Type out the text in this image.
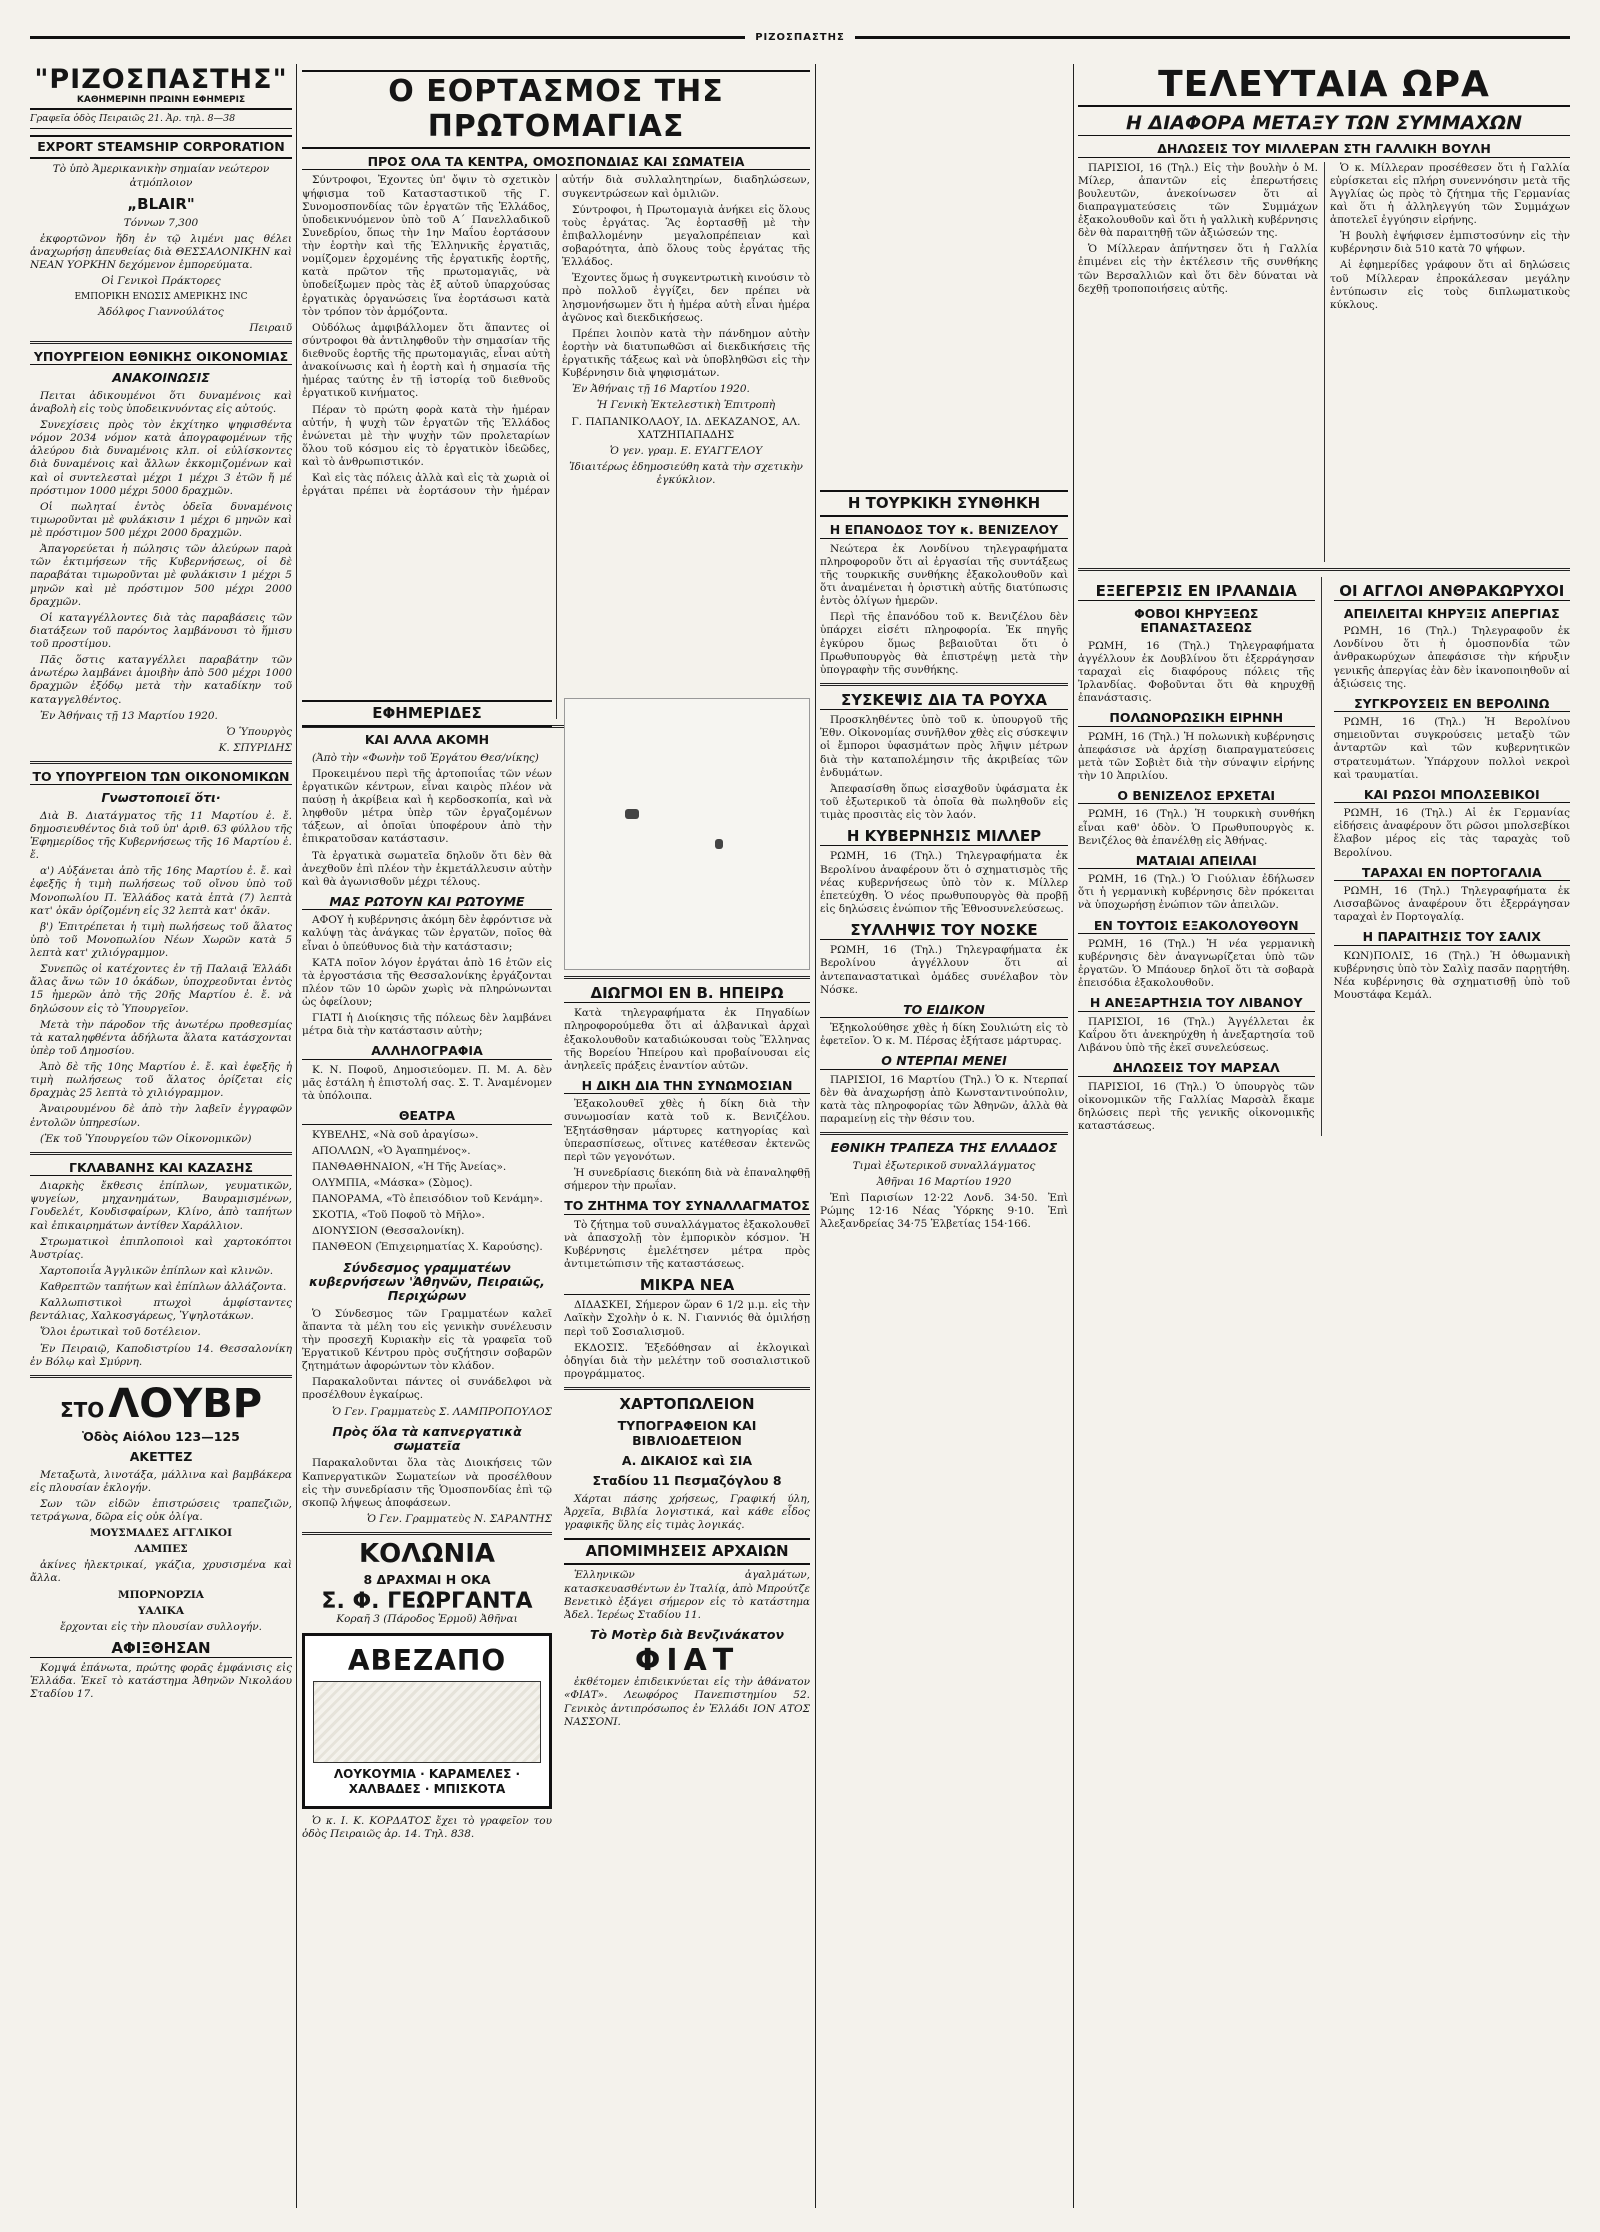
ΡΙΖΟΣΠΑΣΤΗΣ
"ΡΙΖΟΣΠΑΣΤΗΣ"
ΚΑΘΗΜΕΡΙΝΗ ΠΡΩΙΝΗ ΕΦΗΜΕΡΙΣ
Γραφεῖα ὁδὸς Πειραιῶς 21. Ἀρ. τηλ. 8—38
EXPORT STEAMSHIP CORPORATION

Τὸ ὑπὸ Ἀμερικανικὴν σημαίαν νεώτερον ἀτμόπλοιον

„BLAIR"

Τόννων 7,300

ἐκφορτῶνον ἤδη ἐν τῷ λιμένι μας θέλει ἀναχωρήσῃ ἀπευθείας διὰ ΘΕΣΣΑΛΟΝΙΚΗΝ καὶ ΝΕΑΝ ΥΟΡΚΗΝ δεχόμενον ἐμπορεύματα.

Οἱ Γενικοὶ Πράκτορες

ΕΜΠΟΡΙΚΗ ΕΝΩΣΙΣ ΑΜΕΡΙΚΗΣ ΙΝC

Ἀδόλφος Γιαννούλάτος

Πειραιῦ

ΥΠΟΥΡΓΕΙΟΝ ΕΘΝΙΚΗΣ ΟΙΚΟΝΟΜΙΑΣ
ΑΝΑΚΟΙΝΩΣΙΣ

Πειται ἀδικουμένοι ὅτι δυναμένοις καὶ ἀναβολὴ εἰς τοὺς ὑποδεικνυόντας εἰς αὐτούς.

Συνεχίσεις πρὸς τὸν ἐκχίτηκο ψηφισθέντα νόμον 2034 νόμον κατὰ ἀπογραφομένων τῆς ἀλεύρου διὰ δυναμένοις κλπ. οἱ εὐλίσκοντες διὰ δυναμένοις καὶ ἄλλων ἐκκομιζομένων καὶ καὶ οἱ συντελεσταὶ μέχρι 1 μέχρι 3 ἐτῶν ἤ μέ πρόστιμον 1000 μέχρι 5000 δραχμῶν.

Οἱ πωληταί ἐντὸς ὁδεῖα δυναμένοις τιμωροῦνται μὲ φυλάκισιν 1 μέχρι 6 μηνῶν καὶ μὲ πρόστιμον 500 μέχρι 2000 δραχμῶν.

Ἀπαγορεύεται ἡ πώλησις τῶν ἀλεύρων παρὰ τῶν ἐκτιμήσεων τῆς Κυβερνήσεως, οἱ δὲ παραβάται τιμωροῦνται μὲ φυλάκισιν 1 μέχρι 5 μηνῶν καὶ μὲ πρόστιμον 500 μέχρι 2000 δραχμῶν.

Οἱ καταγγέλλοντες διὰ τὰς παραβάσεις τῶν διατάξεων τοῦ παρόντος λαμβάνουσι τὸ ἥμισυ τοῦ προστίμου.

Πᾶς ὅστις καταγγέλλει παραβάτην τῶν ἀνωτέρω λαμβάνει ἀμοιβὴν ἀπὸ 500 μέχρι 1000 δραχμῶν ἐξόδῳ μετὰ τὴν καταδίκην τοῦ καταγγελθέντος.

Ἐν Ἀθήναις τῇ 13 Μαρτίου 1920.

Ὁ Ὑπουργὸς

Κ. ΣΠΥΡΙΔΗΣ

ΤΟ ΥΠΟΥΡΓΕΙΟΝ ΤΩΝ ΟΙΚΟΝΟΜΙΚΩΝ
Γνωστοποιεῖ ὅτι·

Διὰ Β. Διατάγματος τῆς 11 Μαρτίου ἐ. ἔ. δημοσιευθέντος διὰ τοῦ ὑπ' ἀριθ. 63 φύλλου τῆς Ἐφημερίδος τῆς Κυβερνήσεως τῆς 16 Μαρτίου ἐ. ἔ.

α') Αὐξάνεται ἀπὸ τῆς 16ης Μαρτίου ἐ. ἔ. καὶ ἐφεξῆς ἡ τιμὴ πωλήσεως τοῦ οἴνου ὑπὸ τοῦ Μονοπωλίου Π. Ἐλλάδος κατὰ ἑπτὰ (7) λεπτὰ κατ' ὀκᾶν ὁρίζομένη εἰς 32 λεπτὰ κατ' ὀκᾶν.

β') Ἐπιτρέπεται ἡ τιμὴ πωλήσεως τοῦ ἅλατος ὑπὸ τοῦ Μονοπωλίου Νέων Χωρῶν κατὰ 5 λεπτὰ κατ' χιλιόγραμμον.

Συνεπῶς οἱ κατέχοντες ἐν τῇ Παλαιᾷ Ἑλλάδι ἄλας ἄνω τῶν 10 ὀκάδων, ὑποχρεοῦνται ἐντὸς 15 ἡμερῶν ἀπὸ τῆς 20ῆς Μαρτίου ἐ. ἔ. νὰ δηλώσουν εἰς τὸ Ὑπουργεῖον.

Μετὰ τὴν πάροδον τῆς ἀνωτέρω προθεσμίας τὰ καταληφθέντα ἀδήλωτα ἅλατα κατάσχονται ὑπὲρ τοῦ Δημοσίου.

Ἀπὸ δὲ τῆς 10ης Μαρτίου ἐ. ἔ. καὶ ἐφεξῆς ἡ τιμὴ πωλήσεως τοῦ ἅλατος ὁρίζεται εἰς δραχμὰς 25 λεπτὰ τὸ χιλιόγραμμον.

Ἀναιρουμένου δὲ ἀπὸ τὴν λαβεῖν ἐγγραφῶν ἐντολῶν ὑπηρεσίων.

(Ἐκ τοῦ Ὑπουργείου τῶν Οἰκονομικῶν)

ΓΚΛΑΒΑΝΗΣ ΚΑΙ ΚΑΖΑΣΗΣ

Διαρκὴς ἔκθεσις ἐπίπλων, γευματικῶν, ψυγείων, μηχανημάτων, Βαυραμισμένων, Γουδελέτ, Κουδισφαίρων, Κλίνο, ἀπὸ ταπήτων καὶ ἐπικαιρημάτων ἀντίθεν Χαράλλιον.

Στρωματικοὶ ἐπιπλοποιοὶ καὶ χαρτοκόπτοι Ἀυστρίας.

Χαρτοποιΐα Ἀγγλικῶν ἐπίπλων καὶ κλινῶν.

Καθρεπτῶν ταπήτων καὶ ἐπίπλων ἀλλάζοντα.

Καλλωπιστικοὶ πτωχοὶ ἀμφίσταντες βεντάλιας, Χαλκοσγάρεως, Ὑψηλοτάκων.

Ὅλοι ἐρωτικαὶ τοῦ δοτέλειον.

Ἐν Πειραιῷ, Καποδιστρίου 14. Θεσσαλονίκη ἐν Βόλῳ καὶ Σμύρνη.

ΣΤΟ ΛΟΥΒΡ
Ὁδὸς Αἰόλου 123—125
ΑΚΕΤΤΕΖ

Μεταξωτὰ, λινοτάξα, μάλλινα καὶ βαμβάκερα εἰς πλουσίαν ἐκλογήν.

Σων τῶν εἰδῶν ἐπιστρώσεις τραπεζιῶν, τετράγωνα, δῶρα εἰς οὐκ ὀλίγα.

ΜΟΥΣΜΑΔΕΣ ΑΓΓΛΙΚΟΙ

ΛΑΜΠΕΣ

ἀκίνες ἠλεκτρικαί, γκάζια, χρυσισμένα καὶ ἄλλα.

ΜΠΟΡΝΟΡΖΙΑ

ΥΑΛΙΚΑ

ἔρχονται εἰς τὴν πλουσίαν συλλογήν.

ΑΦΙΞΘΗΣΑΝ

Κομψά ἐπάνωτα, πρώτης φορᾶς ἐμφάνισις εἰς Ἑλλάδα. Ἐκεῖ τὸ κατάστημα Ἀθηνῶν Νικολάου Σταδίου 17.

Ο ΕΟΡΤΑΣΜΟΣ ΤΗΣ ΠΡΩΤΟΜΑΓΙΑΣ
ΠΡΟΣ ΟΛΑ ΤΑ ΚΕΝΤΡΑ, ΟΜΟΣΠΟΝΔΙΑΣ ΚΑΙ ΣΩΜΑΤΕΙΑ

Σύντροφοι, Ἐχοντες ὑπ' ὄψιν τὸ σχετικὸν ψήφισμα τοῦ Κατασταστικοῦ τῆς Γ. Συνομοσπονδίας τῶν ἐργατῶν τῆς Ἑλλάδος, ὑποδεικνυόμενον ὑπὸ τοῦ Α΄ Πανελλαδικοῦ Συνεδρίου, ὅπως τὴν 1ην Μαΐου ἑορτάσουν τὴν ἑορτὴν καὶ τῆς Ἑλληνικῆς ἐργατιᾶς, νομίζομεν ἐρχομένης τῆς ἐργατικῆς ἑορτῆς, κατὰ πρῶτον τῆς πρωτομαγιᾶς, νὰ ὑποδείξωμεν πρὸς τὰς ἐξ αὐτοῦ ὑπαρχούσας ἐργατικὰς ὀργανώσεις ἵνα ἑορτάσωσι κατὰ τὸν τρόπον τὸν ἁρμόζοντα.

Οὐδόλως ἀμφιβάλλομεν ὅτι ἅπαντες οἱ σύντροφοι θὰ ἀντιληφθοῦν τὴν σημασίαν τῆς διεθνοῦς ἑορτῆς τῆς πρωτομαγιᾶς, εἶναι αὐτὴ ἀνακοίνωσις καὶ ἡ ἑορτὴ καὶ ἡ σημασία τῆς ἡμέρας ταύτης ἐν τῇ ἱστορίᾳ τοῦ διεθνοῦς ἐργατικοῦ κινήματος.

Πέραν τὸ πρώτη φορὰ κατὰ τὴν ἡμέραν αὐτήν, ἡ ψυχὴ τῶν ἐργατῶν τῆς Ἑλλάδος ἐνώνεται μὲ τὴν ψυχὴν τῶν προλεταρίων ὅλου τοῦ κόσμου εἰς τὸ ἐργατικὸν ἰδεῶδες, καὶ τὸ ἀνθρωπιστικόν.

Καὶ εἰς τὰς πόλεις ἀλλὰ καὶ εἰς τὰ χωριὰ οἱ ἐργάται πρέπει νὰ ἑορτάσουν τὴν ἡμέραν αὐτήν διὰ συλλαλητηρίων, διαδηλώσεων, συγκεντρώσεων καὶ ὁμιλιῶν.

Σύντροφοι, ἡ Πρωτομαγιὰ ἀνήκει εἰς ὅλους τοὺς ἐργάτας. Ἂς ἑορτασθῇ μὲ τὴν ἐπιβαλλομένην μεγαλοπρέπειαν καὶ σοβαρότητα, ἀπὸ ὅλους τοὺς ἐργάτας τῆς Ἑλλάδος.

Ἐχοντες ὅμως ἡ συγκεντρωτικὴ κινούσιν τὸ πρὸ πολλοῦ ἐγγίζει, δεν πρέπει νὰ λησμονήσωμεν ὅτι ἡ ἡμέρα αὐτὴ εἶναι ἡμέρα ἀγῶνος καὶ διεκδικήσεως.

Πρέπει λοιπὸν κατὰ τὴν πάνδημον αὐτὴν ἑορτὴν νὰ διατυπωθῶσι αἱ διεκδικήσεις τῆς ἐργατικῆς τάξεως καὶ νὰ ὑποβληθῶσι εἰς τὴν Κυβέρνησιν διὰ ψηφισμάτων.

Ἐν Ἀθήναις τῇ 16 Μαρτίου 1920.

Ἡ Γενικὴ Ἐκτελεστικὴ Ἐπιτροπὴ

Γ. ΠΑΠΑΝΙΚΟΛΑΟΥ, ΙΔ. ΔΕΚΑΖΑΝΟΣ, ΑΛ. ΧΑΤΖΗΠΑΠΑΔΗΣ

Ὁ γεν. γραμ. Ε. ΕΥΑΓΓΕΛΟΥ

Ἰδιαιτέρως ἐδημοσιεύθη κατὰ τὴν σχετικὴν ἐγκύκλιον.

ΕΦΗΜΕΡΙΔΕΣ
ΚΑΙ ΑΛΛΑ ΑΚΟΜΗ

(Ἀπὸ τὴν «Φωνὴν τοῦ Ἐργάτου Θεσ/νίκης)

Προκειμένου περὶ τῆς ἀρτοποιΐας τῶν νέων ἐργατικῶν κέντρων, εἶναι καιρὸς πλέον νὰ παύσῃ ἡ ἀκρίβεια καὶ ἡ κερδοσκοπία, καὶ νὰ ληφθοῦν μέτρα ὑπὲρ τῶν ἐργαζομένων τάξεων, αἱ ὁποῖαι ὑποφέρουν ἀπὸ τὴν ἐπικρατοῦσαν κατάστασιν.

Τὰ ἐργατικὰ σωματεῖα δηλοῦν ὅτι δὲν θὰ ἀνεχθοῦν ἐπὶ πλέον τὴν ἐκμετάλλευσιν αὐτὴν καὶ θὰ ἀγωνισθοῦν μέχρι τέλους.

ΜΑΣ ΡΩΤΟΥΝ ΚΑΙ ΡΩΤΟΥΜΕ

ΑΦΟΥ ἡ κυβέρνησις ἀκόμη δὲν ἐφρόντισε νὰ καλύψῃ τὰς ἀνάγκας τῶν ἐργατῶν, ποῖος θὰ εἶναι ὁ ὑπεύθυνος διὰ τὴν κατάστασιν;

ΚΑΤΑ ποῖον λόγον ἐργάται ἀπὸ 16 ἐτῶν εἰς τὰ ἐργοστάσια τῆς Θεσσαλονίκης ἐργάζονται πλέον τῶν 10 ὡρῶν χωρὶς νὰ πληρώνωνται ὡς ὀφείλουν;

ΓΙΑΤΙ ἡ Διοίκησις τῆς πόλεως δὲν λαμβάνει μέτρα διὰ τὴν κατάστασιν αὐτὴν;

ΑΛΛΗΛΟΓΡΑΦΙΑ

Κ. Ν. Ποφοῦ, Δημοσιεύομεν. Π. Μ. Α. δὲν μᾶς ἐστάλη ἡ ἐπιστολή σας. Σ. Τ. Ἀναμένομεν τὰ ὑπόλοιπα.

ΘΕΑΤΡΑ

ΚΥΒΕΛΗΣ, «Νὰ σοῦ ἀραγίσω».

ΑΠΟΛΛΩΝ, «Ὁ Ἀγαπημένος».

ΠΑΝΘΑΘΗΝΑΙΟΝ, «Ἡ Τῆς Ἀνείας».

ΟΛΥΜΠΙΑ, «Μάσκα» (Σὸμος).

ΠΑΝΟΡΑΜΑ, «Τὸ ἐπεισόδιον τοῦ Κενάμη».

ΣΚΟΤΙΑ, «Τοῦ Ποφοῦ τὸ Μῆλο».

ΔΙΟΝΥΣΙΟΝ (Θεσσαλονίκη).

ΠΑΝΘΕΟΝ (Ἐπιχειρηματίας Χ. Καρούσης).

Σύνδεσμος γραμματέων κυβερνήσεων 'Ἀθηνῶν, Πειραιῶς, Περιχώρων

Ὁ Σύνδεσμος τῶν Γραμματέων καλεῖ ἅπαντα τὰ μέλη του εἰς γενικὴν συνέλευσιν τὴν προσεχῆ Κυριακὴν εἰς τὰ γραφεῖα τοῦ Ἐργατικοῦ Κέντρου πρὸς συζήτησιν σοβαρῶν ζητημάτων ἀφορώντων τὸν κλάδον.

Παρακαλοῦνται πάντες οἱ συνάδελφοι νὰ προσέλθουν ἐγκαίρως.

Ὁ Γεν. Γραμματεὺς Σ. ΛΑΜΠΡΟΠΟΥΛΟΣ

Πρὸς ὅλα τὰ καπνεργατικὰ σωματεῖα

Παρακαλοῦνται ὅλα τὰς Διοικήσεις τῶν Καπνεργατικῶν Σωματείων νὰ προσέλθουν εἰς τὴν συνεδρίασιν τῆς Ὁμοσπονδίας ἐπὶ τῷ σκοπῷ λήψεως ἀποφάσεων.

Ὁ Γεν. Γραμματεὺς Ν. ΣΑΡΑΝΤΗΣ

ΚΟΛΩΝΙΑ
8 ΔΡΑΧΜΑΙ Η ΟΚΑ
Σ. Φ. ΓΕΩΡΓΑΝΤΑ

Κοραῆ 3 (Πάροδος Ἑρμοῦ) Ἀθῆναι

ΑΒΕΖΑΠΟ
ΛΟΥΚΟΥΜΙΑ · ΚΑΡΑΜΕΛΕΣ · ΧΑΛΒΑΔΕΣ · ΜΠΙΣΚΟΤΑ

Ὁ κ. Ι. Κ. ΚΟΡΔΑΤΟΣ ἔχει τὸ γραφεῖον του ὁδὸς Πειραιῶς ἀρ. 14. Τηλ. 838.

ΔΙΩΓΜΟΙ ΕΝ Β. ΗΠΕΙΡΩ

Κατὰ τηλεγραφήματα ἐκ Πηγαδίων πληροφορούμεθα ὅτι αἱ ἀλβανικαὶ ἀρχαὶ ἐξακολουθοῦν καταδιώκουσαι τοὺς Ἕλληνας τῆς Βορείου Ἠπείρου καὶ προβαίνουσαι εἰς ἀνηλεεῖς πράξεις ἐναντίον αὐτῶν.

Η ΔΙΚΗ ΔΙΑ ΤΗΝ ΣΥΝΩΜΟΣΙΑΝ

Ἐξακολουθεῖ χθὲς ἡ δίκη διὰ τὴν συνωμοσίαν κατὰ τοῦ κ. Βενιζέλου. Ἐξητάσθησαν μάρτυρες κατηγορίας καὶ ὑπερασπίσεως, οἵτινες κατέθεσαν ἐκτενῶς περὶ τῶν γεγονότων.

Ἡ συνεδρίασις διεκόπη διὰ νὰ ἐπαναληφθῇ σήμερον τὴν πρωΐαν.

ΤΟ ΖΗΤΗΜΑ ΤΟΥ ΣΥΝΑΛΛΑΓΜΑΤΟΣ

Τὸ ζήτημα τοῦ συναλλάγματος ἐξακολουθεῖ νὰ ἀπασχολῇ τὸν ἐμπορικὸν κόσμον. Ἡ Κυβέρνησις ἐμελέτησεν μέτρα πρὸς ἀντιμετώπισιν τῆς καταστάσεως.

ΜΙΚΡΑ ΝΕΑ

ΔΙΔΑΣΚΕΙ, Σήμερον ὥραν 6 1/2 μ.μ. εἰς τὴν Λαϊκὴν Σχολὴν ὁ κ. Ν. Γιαννιός θὰ ὁμιλήσῃ περὶ τοῦ Σοσιαλισμοῦ.

ΕΚΔΟΣΙΣ. Ἐξεδόθησαν αἱ ἐκλογικαὶ ὁδηγίαι διὰ τὴν μελέτην τοῦ σοσιαλιστικοῦ προγράμματος.

ΧΑΡΤΟΠΩΛΕΙΟΝ
ΤΥΠΟΓΡΑΦΕΙΟΝ ΚΑΙ ΒΙΒΛΙΟΔΕΤΕΙΟΝ
Α. ΔΙΚΑΙΟΣ καὶ ΣΙΑ
Σταδίου 11 Πεσμαζόγλου 8

Χάρται πάσης χρήσεως, Γραφική ύλη, Ἀρχεῖα, Βιβλία λογιστικά, καὶ κάθε εἶδος γραφικῆς ὕλης εἰς τιμὰς λογικάς.

ΑΠΟΜΙΜΗΣΕΙΣ ΑΡΧΑΙΩΝ

Ἑλληνικῶν ἀγαλμάτων, κατασκευασθέντων ἐν Ἰταλίᾳ, ἀπὸ Μπρούτζε Βενετικὸ ἐξάγει σήμερον εἰς τὸ κατάστημα Ἀδελ. Ἱερέως Σταδίου 11.

Τὸ Μοτὲρ διὰ Βενζινάκατον
ΦΙΑΤ

ἐκθέτομεν ἐπιδεικνύεται εἰς τὴν ἀθάνατον «ΦΙΑΤ». Λεωφόρος Πανεπιστημίου 52. Γενικὸς ἀντιπρόσωπος ἐν Ἑλλάδι ΙΟΝ ΑΤΟΣ ΝΑΣΣΟΝΙ.

Η ΤΟΥΡΚΙΚΗ ΣΥΝΘΗΚΗ
Η ΕΠΑΝΟΔΟΣ ΤΟΥ κ. ΒΕΝΙΖΕΛΟΥ

Νεώτερα ἐκ Λονδίνου τηλεγραφήματα πληροφοροῦν ὅτι αἱ ἐργασίαι τῆς συντάξεως τῆς τουρκικῆς συνθήκης ἐξακολουθοῦν καὶ ὅτι ἀναμένεται ἡ ὁριστικὴ αὐτῆς διατύπωσις ἐντὸς ὀλίγων ἡμερῶν.

Περὶ τῆς ἐπανόδου τοῦ κ. Βενιζέλου δὲν ὑπάρχει εἰσέτι πληροφορία. Ἐκ πηγῆς ἐγκύρου ὅμως βεβαιοῦται ὅτι ὁ Πρωθυπουργὸς θὰ ἐπιστρέψῃ μετὰ τὴν ὑπογραφὴν τῆς συνθήκης.

ΣΥΣΚΕΨΙΣ ΔΙΑ ΤΑ ΡΟΥΧΑ

Προσκληθέντες ὑπὸ τοῦ κ. ὑπουργοῦ τῆς Ἐθν. Οἰκονομίας συνῆλθον χθὲς εἰς σύσκεψιν οἱ ἔμποροι ὑφασμάτων πρὸς λῆψιν μέτρων διὰ τὴν καταπολέμησιν τῆς ἀκριβείας τῶν ἐνδυμάτων.

Ἀπεφασίσθη ὅπως εἰσαχθοῦν ὑφάσματα ἐκ τοῦ ἐξωτερικοῦ τὰ ὁποῖα θὰ πωληθοῦν εἰς τιμὰς προσιτὰς εἰς τὸν λαόν.

Η ΚΥΒΕΡΝΗΣΙΣ ΜΙΛΛΕΡ

ΡΩΜΗ, 16 (Τηλ.) Τηλεγραφήματα ἐκ Βερολίνου ἀναφέρουν ὅτι ὁ σχηματισμὸς τῆς νέας κυβερνήσεως ὑπὸ τὸν κ. Μίλλερ ἐπετεύχθη. Ὁ νέος πρωθυπουργὸς θὰ προβῇ εἰς δηλώσεις ἐνώπιον τῆς Ἐθνοσυνελεύσεως.

ΣΥΛΛΗΨΙΣ ΤΟΥ ΝΟΣΚΕ

ΡΩΜΗ, 16 (Τηλ.) Τηλεγραφήματα ἐκ Βερολίνου ἀγγέλλουν ὅτι αἱ ἀντεπαναστατικαὶ ὁμάδες συνέλαβον τὸν Νόσκε.

ΤΟ ΕΙΔΙΚΟΝ

Ἐξηκολούθησε χθὲς ἡ δίκη Σουλιώτη εἰς τὸ ἐφετεῖον. Ὁ κ. Μ. Πέρσας ἐξήτασε μάρτυρας.

Ο ΝΤΕΡΠΑΙ ΜΕΝΕΙ

ΠΑΡΙΣΙΟΙ, 16 Μαρτίου (Τηλ.) Ὁ κ. Ντερπαί δὲν θὰ ἀναχωρήσῃ ἀπὸ Κωνσταντινούπολιν, κατὰ τὰς πληροφορίας τῶν Ἀθηνῶν, ἀλλὰ θὰ παραμείνῃ εἰς τὴν θέσιν του.

ΕΘΝΙΚΗ ΤΡΑΠΕΖΑ ΤΗΣ ΕΛΛΑΔΟΣ

Τιμαὶ ἐξωτερικοῦ συναλλάγματος

Ἀθῆναι 16 Μαρτίου 1920

Ἐπὶ Παρισίων 12·22 Λονδ. 34·50. Ἐπὶ Ρώμης 12·16 Νέας Ὑόρκης 9·10. Ἐπὶ Ἀλεξανδρείας 34·75 Ἐλβετίας 154·166.

ΤΕΛΕΥΤΑΙΑ ΩΡΑ
Η ΔΙΑΦΟΡΑ ΜΕΤΑΞΥ ΤΩΝ ΣΥΜΜΑΧΩΝ
ΔΗΛΩΣΕΙΣ ΤΟΥ ΜΙΛΛΕΡΑΝ ΣΤΗ ΓΑΛΛΙΚΗ ΒΟΥΛΗ

ΠΑΡΙΣΙΟΙ, 16 (Τηλ.) Εἰς τὴν βουλὴν ὁ Μ. Μίλερ, ἀπαντῶν εἰς ἐπερωτήσεις βουλευτῶν, ἀνεκοίνωσεν ὅτι αἱ διαπραγματεύσεις τῶν Συμμάχων ἐξακολουθοῦν καὶ ὅτι ἡ γαλλικὴ κυβέρνησις δὲν θὰ παραιτηθῇ τῶν ἀξιώσεών της.

Ὁ Μίλλεραν ἀπήντησεν ὅτι ἡ Γαλλία ἐπιμένει εἰς τὴν ἐκτέλεσιν τῆς συνθήκης τῶν Βερσαλλιῶν καὶ ὅτι δὲν δύναται νὰ δεχθῇ τροποποιήσεις αὐτῆς.

Ὁ κ. Μίλλεραν προσέθεσεν ὅτι ἡ Γαλλία εὑρίσκεται εἰς πλήρη συνεννόησιν μετὰ τῆς Ἀγγλίας ὡς πρὸς τὸ ζήτημα τῆς Γερμανίας καὶ ὅτι ἡ ἀλληλεγγύη τῶν Συμμάχων ἀποτελεῖ ἐγγύησιν εἰρήνης.

Ἡ βουλὴ ἐψήφισεν ἐμπιστοσύνην εἰς τὴν κυβέρνησιν διὰ 510 κατὰ 70 ψήφων.

Αἱ ἐφημερίδες γράφουν ὅτι αἱ δηλώσεις τοῦ Μίλλεραν ἐπροκάλεσαν μεγάλην ἐντύπωσιν εἰς τοὺς διπλωματικοὺς κύκλους.

ΕΞΕΓΕΡΣΙΣ ΕΝ ΙΡΛΑΝΔΙΑ
ΦΟΒΟΙ ΚΗΡΥΞΕΩΣ ΕΠΑΝΑΣΤΑΣΕΩΣ

ΡΩΜΗ, 16 (Τηλ.) Τηλεγραφήματα ἀγγέλλουν ἐκ Δουβλίνου ὅτι ἐξερράγησαν ταραχαὶ εἰς διαφόρους πόλεις τῆς Ἰρλανδίας. Φοβοῦνται ὅτι θὰ κηρυχθῇ ἐπανάστασις.

ΠΟΛΩΝΟΡΩΣΙΚΗ ΕΙΡΗΝΗ

ΡΩΜΗ, 16 (Τηλ.) Ἡ πολωνικὴ κυβέρνησις ἀπεφάσισε νὰ ἀρχίσῃ διαπραγματεύσεις μετὰ τῶν Σοβιὲτ διὰ τὴν σύναψιν εἰρήνης τὴν 10 Ἀπριλίου.

Ο ΒΕΝΙΖΕΛΟΣ ΕΡΧΕΤΑΙ

ΡΩΜΗ, 16 (Τηλ.) Ἡ τουρκικὴ συνθήκη εἶναι καθ' ὁδὸν. Ὁ Πρωθυπουργὸς κ. Βενιζέλος θὰ ἐπανέλθῃ εἰς Ἀθήνας.

ΜΑΤΑΙΑΙ ΑΠΕΙΛΑΙ

ΡΩΜΗ, 16 (Τηλ.) Ὁ Γιούλιαν ἐδήλωσεν ὅτι ἡ γερμανικὴ κυβέρνησις δὲν πρόκειται νὰ ὑποχωρήσῃ ἐνώπιον τῶν ἀπειλῶν.

ΕΝ ΤΟΥΤΟΙΣ ΕΞΑΚΟΛΟΥΘΟΥΝ

ΡΩΜΗ, 16 (Τηλ.) Ἡ νέα γερμανικὴ κυβέρνησις δὲν ἀναγνωρίζεται ὑπὸ τῶν ἐργατῶν. Ὁ Μπάουερ δηλοῖ ὅτι τὰ σοβαρὰ ἐπεισόδια ἐξακολουθοῦν.

Η ΑΝΕΞΑΡΤΗΣΙΑ ΤΟΥ ΛΙΒΑΝΟΥ

ΠΑΡΙΣΙΟΙ, 16 (Τηλ.) Ἀγγέλλεται ἐκ Καΐρου ὅτι ἀνεκηρύχθη ἡ ἀνεξαρτησία τοῦ Λιβάνου ὑπὸ τῆς ἐκεῖ συνελεύσεως.

ΔΗΛΩΣΕΙΣ ΤΟΥ ΜΑΡΣΑΛ

ΠΑΡΙΣΙΟΙ, 16 (Τηλ.) Ὁ ὑπουργὸς τῶν οἰκονομικῶν τῆς Γαλλίας Μαρσὰλ ἔκαμε δηλώσεις περὶ τῆς γενικῆς οἰκονομικῆς καταστάσεως.

ΟΙ ΑΓΓΛΟΙ ΑΝΘΡΑΚΩΡΥΧΟΙ
ΑΠΕΙΛΕΙΤΑΙ ΚΗΡΥΞΙΣ ΑΠΕΡΓΙΑΣ

ΡΩΜΗ, 16 (Τηλ.) Τηλεγραφοῦν ἐκ Λονδίνου ὅτι ἡ ὁμοσπονδία τῶν ἀνθρακωρύχων ἀπεφάσισε τὴν κήρυξιν γενικῆς ἀπεργίας ἐὰν δὲν ἱκανοποιηθοῦν αἱ ἀξιώσεις της.

ΣΥΓΚΡΟΥΣΕΙΣ ΕΝ ΒΕΡΟΛΙΝΩ

ΡΩΜΗ, 16 (Τηλ.) Ἡ Βερολίνου σημειοῦνται συγκρούσεις μεταξὺ τῶν ἀνταρτῶν καὶ τῶν κυβερνητικῶν στρατευμάτων. Ὑπάρχουν πολλοὶ νεκροὶ καὶ τραυματίαι.

ΚΑΙ ΡΩΣΟΙ ΜΠΟΛΣΕΒΙΚΟΙ

ΡΩΜΗ, 16 (Τηλ.) Αἱ ἐκ Γερμανίας εἰδήσεις ἀναφέρουν ὅτι ρῶσοι μπολσεβίκοι ἔλαβον μέρος εἰς τὰς ταραχὰς τοῦ Βερολίνου.

ΤΑΡΑΧΑΙ ΕΝ ΠΟΡΤΟΓΑΛΙΑ

ΡΩΜΗ, 16 (Τηλ.) Τηλεγραφήματα ἐκ Λισσαβῶνος ἀναφέρουν ὅτι ἐξερράγησαν ταραχαὶ ἐν Πορτογαλίᾳ.

Η ΠΑΡΑΙΤΗΣΙΣ ΤΟΥ ΣΑΛΙΧ

ΚΩΝ)ΠΟΛΙΣ, 16 (Τηλ.) Ἡ ὀθωμανικὴ κυβέρνησις ὑπὸ τὸν Σαλὶχ πασᾶν παρῃτήθη. Νέα κυβέρνησις θὰ σχηματισθῇ ὑπὸ τοῦ Μουστάφα Κεμάλ.
